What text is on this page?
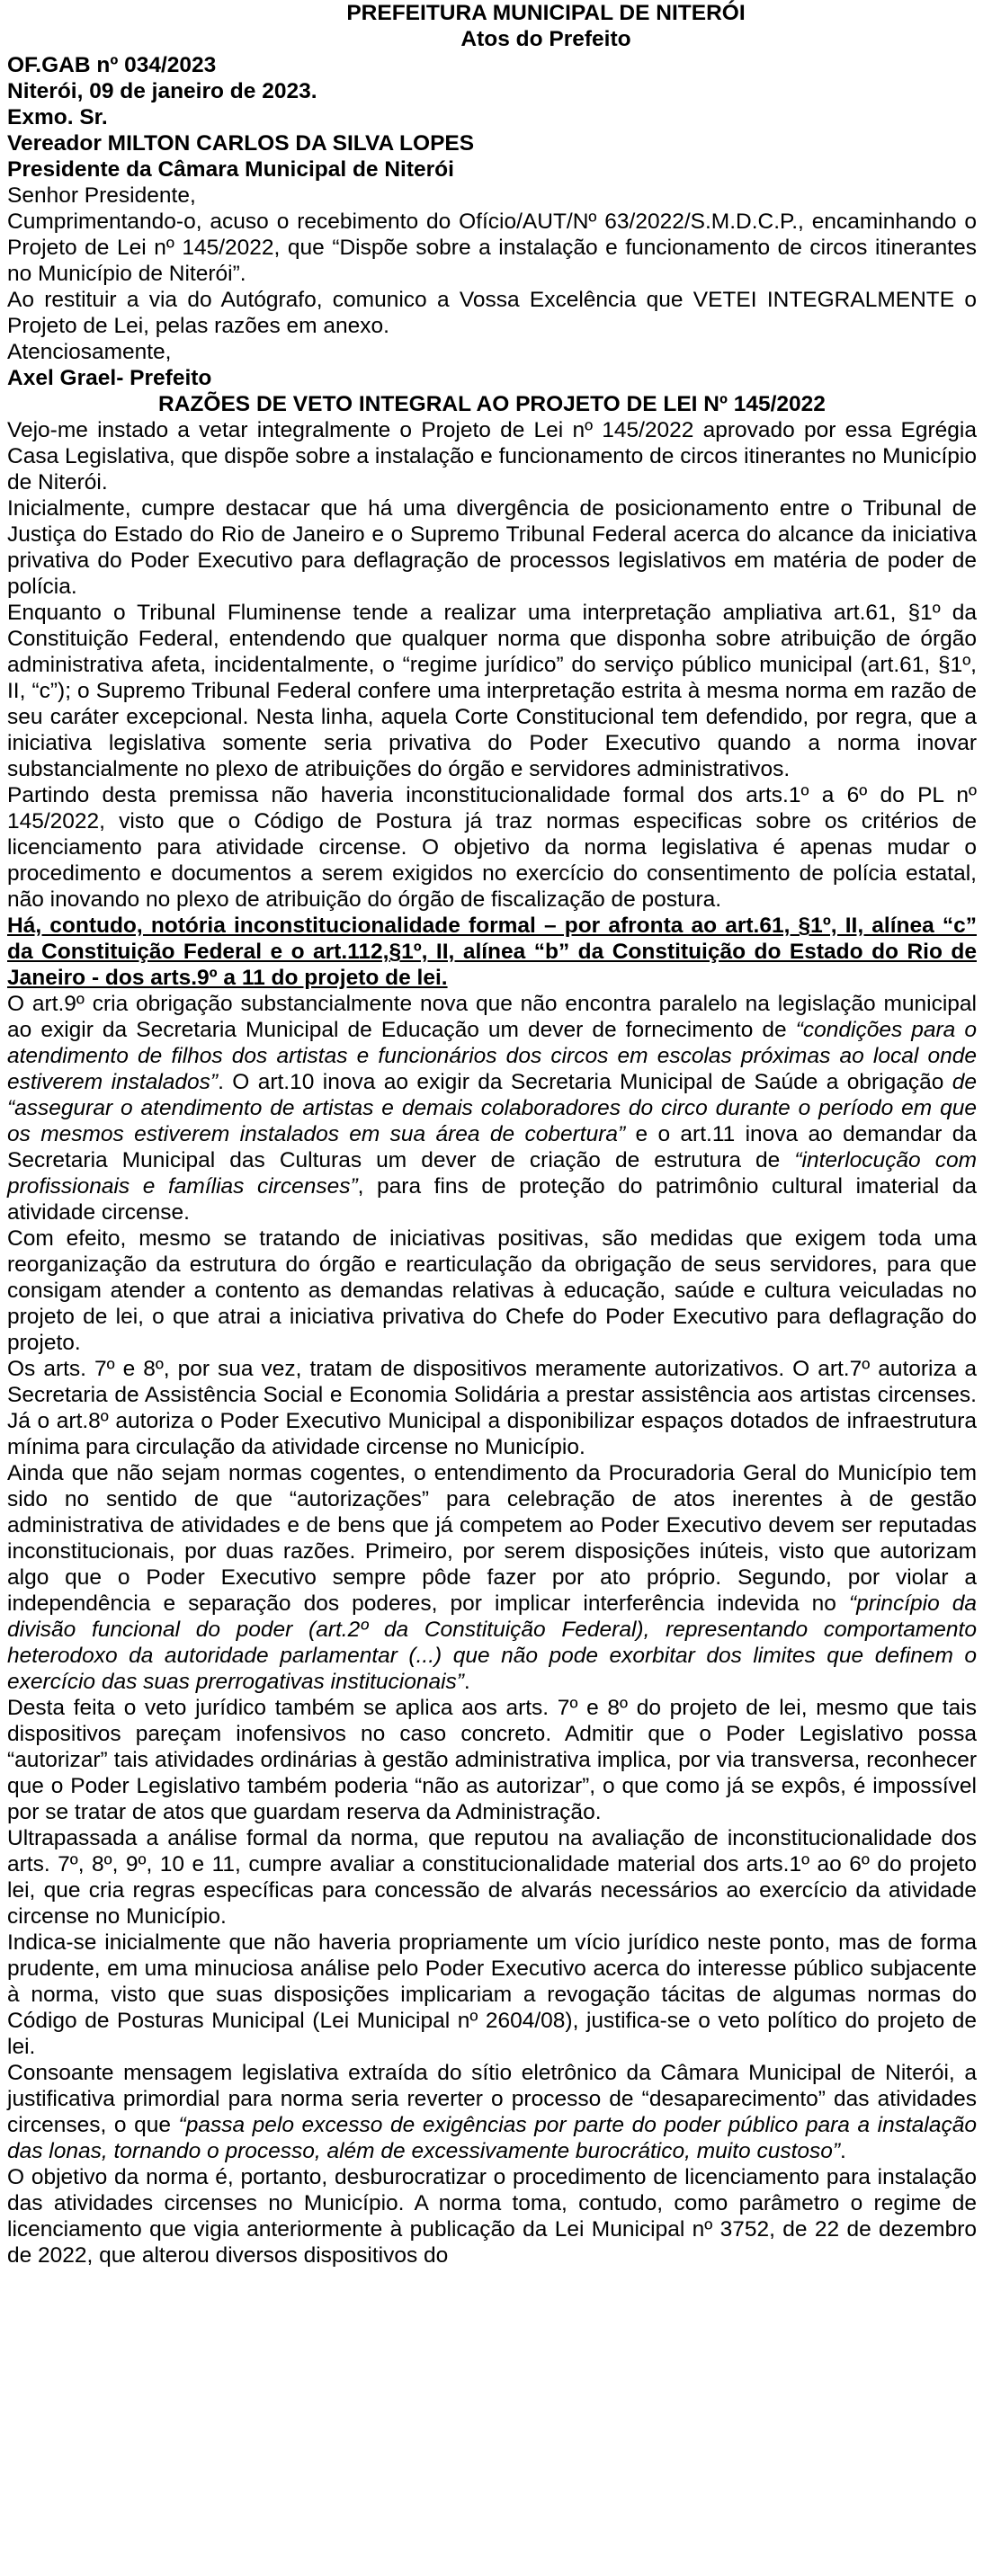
PREFEITURA MUNICIPAL DE NITERÓI
Atos do Prefeito
OF.GAB nº 034/2023
Niterói, 09 de janeiro de 2023.
Exmo. Sr.
Vereador MILTON CARLOS DA SILVA LOPES
Presidente da Câmara Municipal de Niterói
Senhor Presidente,

Cumprimentando-o, acuso o recebimento do Ofício/AUT/Nº 63/2022/S.M.D.C.P., encaminhando o Projeto de Lei nº 145/2022, que “Dispõe sobre a instalação e funcionamento de circos itinerantes no Município de Niterói”.

Ao restituir a via do Autógrafo, comunico a Vossa Excelência que VETEI INTEGRALMENTE o Projeto de Lei, pelas razões em anexo.

Atenciosamente,
Axel Grael- Prefeito
RAZÕES DE VETO INTEGRAL AO PROJETO DE LEI Nº 145/2022

Vejo-me instado a vetar integralmente o Projeto de Lei nº 145/2022 aprovado por essa Egrégia Casa Legislativa, que dispõe sobre a instalação e funcionamento de circos itinerantes no Município de Niterói.

Inicialmente, cumpre destacar que há uma divergência de posicionamento entre o Tribunal de Justiça do Estado do Rio de Janeiro e o Supremo Tribunal Federal acerca do alcance da iniciativa privativa do Poder Executivo para deflagração de processos legislativos em matéria de poder de polícia.

Enquanto o Tribunal Fluminense tende a realizar uma interpretação ampliativa art.61, §1º da Constituição Federal, entendendo que qualquer norma que disponha sobre atribuição de órgão administrativa afeta, incidentalmente, o “regime jurídico” do serviço público municipal (art.61, §1º, II, “c”); o Supremo Tribunal Federal confere uma interpretação estrita à mesma norma em razão de seu caráter excepcional. Nesta linha, aquela Corte Constitucional tem defendido, por regra, que a iniciativa legislativa somente seria privativa do Poder Executivo quando a norma inovar substancialmente no plexo de atribuições do órgão e servidores administrativos.

Partindo desta premissa não haveria inconstitucionalidade formal dos arts.1º a 6º do PL nº 145/2022, visto que o Código de Postura já traz normas especificas sobre os critérios de licenciamento para atividade circense. O objetivo da norma legislativa é apenas mudar o procedimento e documentos a serem exigidos no exercício do consentimento de polícia estatal, não inovando no plexo de atribuição do órgão de fiscalização de postura.

Há, contudo, notória inconstitucionalidade formal – por afronta ao art.61, §1º, II, alínea “c” da Constituição Federal e o art.112,§1º, II, alínea “b” da Constituição do Estado do Rio de Janeiro - dos arts.9º a 11 do projeto de lei.

O art.9º cria obrigação substancialmente nova que não encontra paralelo na legislação municipal ao exigir da Secretaria Municipal de Educação um dever de fornecimento de “condições para o atendimento de filhos dos artistas e funcionários dos circos em escolas próximas ao local onde estiverem instalados”. O art.10 inova ao exigir da Secretaria Municipal de Saúde a obrigação de “assegurar o atendimento de artistas e demais colaboradores do circo durante o período em que os mesmos estiverem instalados em sua área de cobertura” e o art.11 inova ao demandar da Secretaria Municipal das Culturas um dever de criação de estrutura de “interlocução com profissionais e famílias circenses”, para fins de proteção do patrimônio cultural imaterial da atividade circense.

Com efeito, mesmo se tratando de iniciativas positivas, são medidas que exigem toda uma reorganização da estrutura do órgão e rearticulação da obrigação de seus servidores, para que consigam atender a contento as demandas relativas à educação, saúde e cultura veiculadas no projeto de lei, o que atrai a iniciativa privativa do Chefe do Poder Executivo para deflagração do projeto.

Os arts. 7º e 8º, por sua vez, tratam de dispositivos meramente autorizativos. O art.7º autoriza a Secretaria de Assistência Social e Economia Solidária a prestar assistência aos artistas circenses. Já o art.8º autoriza o Poder Executivo Municipal a disponibilizar espaços dotados de infraestrutura mínima para circulação da atividade circense no Município.

Ainda que não sejam normas cogentes, o entendimento da Procuradoria Geral do Município tem sido no sentido de que “autorizações” para celebração de atos inerentes à de gestão administrativa de atividades e de bens que já competem ao Poder Executivo devem ser reputadas inconstitucionais, por duas razões. Primeiro, por serem disposições inúteis, visto que autorizam algo que o Poder Executivo sempre pôde fazer por ato próprio. Segundo, por violar a independência e separação dos poderes, por implicar interferência indevida no “princípio da divisão funcional do poder (art.2º da Constituição Federal), representando comportamento heterodoxo da autoridade parlamentar (...) que não pode exorbitar dos limites que definem o exercício das suas prerrogativas institucionais”.

Desta feita o veto jurídico também se aplica aos arts. 7º e 8º do projeto de lei, mesmo que tais dispositivos pareçam inofensivos no caso concreto. Admitir que o Poder Legislativo possa “autorizar” tais atividades ordinárias à gestão administrativa implica, por via transversa, reconhecer que o Poder Legislativo também poderia “não as autorizar”, o que como já se expôs, é impossível por se tratar de atos que guardam reserva da Administração.

Ultrapassada a análise formal da norma, que reputou na avaliação de inconstitucionalidade dos arts. 7º, 8º, 9º, 10 e 11, cumpre avaliar a constitucionalidade material dos arts.1º ao 6º do projeto lei, que cria regras específicas para concessão de alvarás necessários ao exercício da atividade circense no Município.

Indica-se inicialmente que não haveria propriamente um vício jurídico neste ponto, mas de forma prudente, em uma minuciosa análise pelo Poder Executivo acerca do interesse público subjacente à norma, visto que suas disposições implicariam a revogação tácitas de algumas normas do Código de Posturas Municipal (Lei Municipal nº 2604/08), justifica-se o veto político do projeto de lei.

Consoante mensagem legislativa extraída do sítio eletrônico da Câmara Municipal de Niterói, a justificativa primordial para norma seria reverter o processo de “desaparecimento” das atividades circenses, o que “passa pelo excesso de exigências por parte do poder público para a instalação das lonas, tornando o processo, além de excessivamente burocrático, muito custoso”.

O objetivo da norma é, portanto, desburocratizar o procedimento de licenciamento para instalação das atividades circenses no Município. A norma toma, contudo, como parâmetro o regime de licenciamento que vigia anteriormente à publicação da Lei Municipal nº 3752, de 22 de dezembro de 2022, que alterou diversos dispositivos do
